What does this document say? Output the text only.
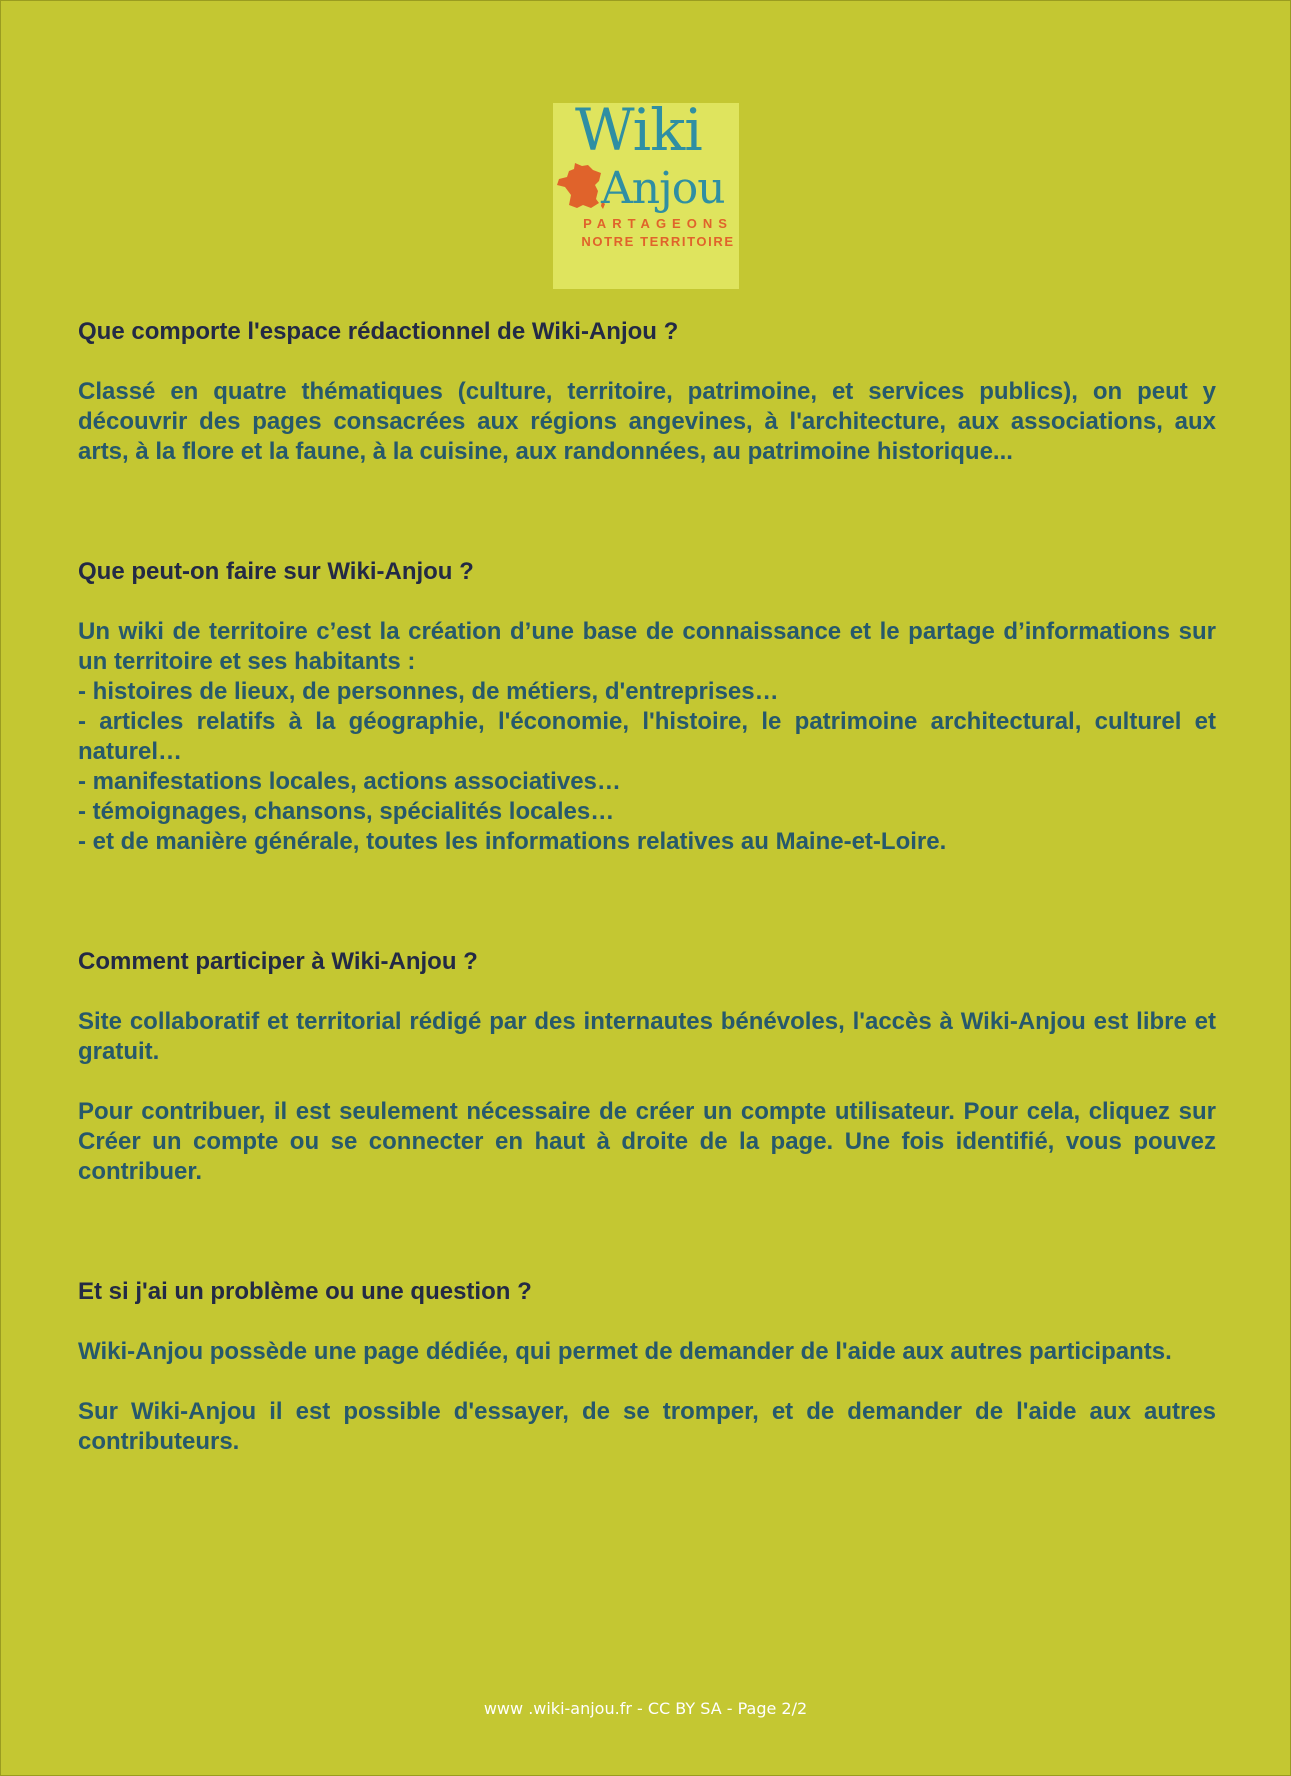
Wiki
Anjou
PARTAGEONS
NOTRE TERRITOIRE

Que comporte l'espace rédactionnel de Wiki-Anjou ?

Classé en quatre thématiques (culture, territoire, patrimoine, et services publics), on peut y découvrir des pages consacrées aux régions angevines, à l'architecture, aux associations, aux arts, à la flore et la faune, à la cuisine, aux randonnées, au patrimoine historique...

Que peut-on faire sur Wiki-Anjou ?

Un wiki de territoire c’est la création d’une base de connaissance et le partage d’informations sur un territoire et ses habitants :

- histoires de lieux, de personnes, de métiers, d'entreprises…

- articles relatifs à la géographie, l'économie, l'histoire, le patrimoine architectural, culturel et naturel…

- manifestations locales, actions associatives…

- témoignages, chansons, spécialités locales…

- et de manière générale, toutes les informations relatives au Maine-et-Loire.

Comment participer à Wiki-Anjou ?

Site collaboratif et territorial rédigé par des internautes bénévoles, l'accès à Wiki-Anjou est libre et gratuit.

Pour contribuer, il est seulement nécessaire de créer un compte utilisateur. Pour cela, cliquez sur Créer un compte ou se connecter en haut à droite de la page. Une fois identifié, vous pouvez contribuer.

Et si j'ai un problème ou une question ?

Wiki-Anjou possède une page dédiée, qui permet de demander de l'aide aux autres participants.

Sur Wiki-Anjou il est possible d'essayer, de se tromper, et de demander de l'aide aux autres contributeurs.

www .wiki-anjou.fr - CC BY SA - Page 2/2
